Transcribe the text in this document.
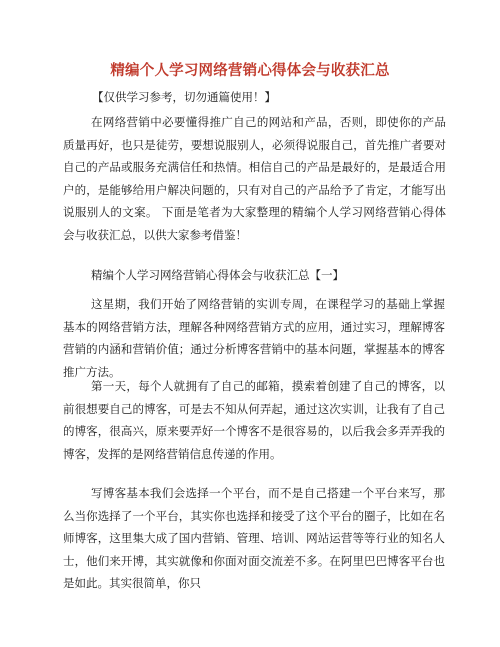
精编个人学习网络营销心得体会与收获汇总
【仅供学习参考，切勿通篇使用！】

在网络营销中必要懂得推广自己的网站和产品，否则，即使你的产品质量再好，也只是徒劳，要想说服别人，必须得说服自己，首先推广者要对自己的产品或服务充满信任和热情。相信自己的产品是最好的，是最适合用户的，是能够给用户解决问题的，只有对自己的产品给予了肯定，才能写出说服别人的文案。 下面是笔者为大家整理的精编个人学习网络营销心得体会与收获汇总，以供大家参考借鉴！

精编个人学习网络营销心得体会与收获汇总【一】

这星期，我们开始了网络营销的实训专周，在课程学习的基础上掌握基本的网络营销方法，理解各种网络营销方式的应用，通过实习，理解博客营销的内涵和营销价值；通过分析博客营销中的基本问题，掌握基本的博客推广方法。

第一天，每个人就拥有了自己的邮箱，摸索着创建了自己的博客，以前很想要自己的博客，可是去不知从何弄起，通过这次实训，让我有了自己的博客，很高兴，原来要弄好一个博客不是很容易的，以后我会多弄弄我的博客，发挥的是网络营销信息传递的作用。

写博客基本我们会选择一个平台，而不是自己搭建一个平台来写，那么当你选择了一个平台，其实你也选择和接受了这个平台的圈子，比如在名师博客，这里集大成了国内营销、管理、培训、网站运营等等行业的知名人士，他们来开博，其实就像和你面对面交流差不多。在阿里巴巴博客平台也是如此。其实很简单，你只
